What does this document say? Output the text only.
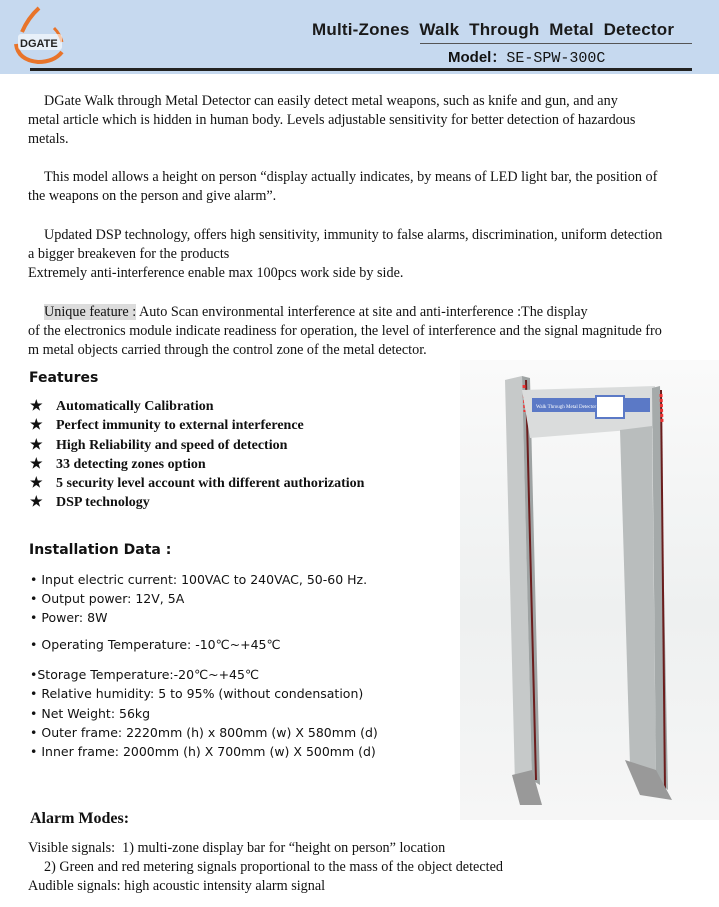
DGATE
Multi-Zones  Walk  Through  Metal  Detector
Model：SE-SPW-300C
DGate Walk through Metal Detector can easily detect metal weapons, such as knife and gun, and any
metal article which is hidden in human body. Levels adjustable sensitivity for better detection of hazardous
metals.
This model allows a height on person “display actually indicates, by means of LED light bar, the position of
the weapons on the person and give alarm”.
Updated DSP technology, offers high sensitivity, immunity to false alarms, discrimination, uniform detection
a bigger breakeven for the products
Extremely anti-interference enable max 100pcs work side by side.
Unique feature : Auto Scan environmental interference at site and anti-interference :The display
of the electronics module indicate readiness for operation, the level of interference and the signal magnitude fro
m metal objects carried through the control zone of the metal detector.
Features
★ Automatically Calibration
★ Perfect immunity to external interference
★ High Reliability and speed of detection
★ 33 detecting zones option
★ 5 security level account with different authorization
★ DSP technology
Installation Data :
• Input electric current: 100VAC to 240VAC, 50-60 Hz.
• Output power: 12V, 5A
• Power: 8W
• Operating Temperature: -10℃~+45℃
•Storage Temperature:-20℃~+45℃
• Relative humidity: 5 to 95% (without condensation)
• Net Weight: 56kg
• Outer frame: 2220mm (h) x 800mm (w) X 580mm (d)
• Inner frame: 2000mm (h) X 700mm (w) X 500mm (d)
Walk Through Metal Detector
Alarm Modes:
Visible signals:  1) multi-zone display bar for “height on person” location
2) Green and red metering signals proportional to the mass of the object detected
Audible signals: high acoustic intensity alarm signal
